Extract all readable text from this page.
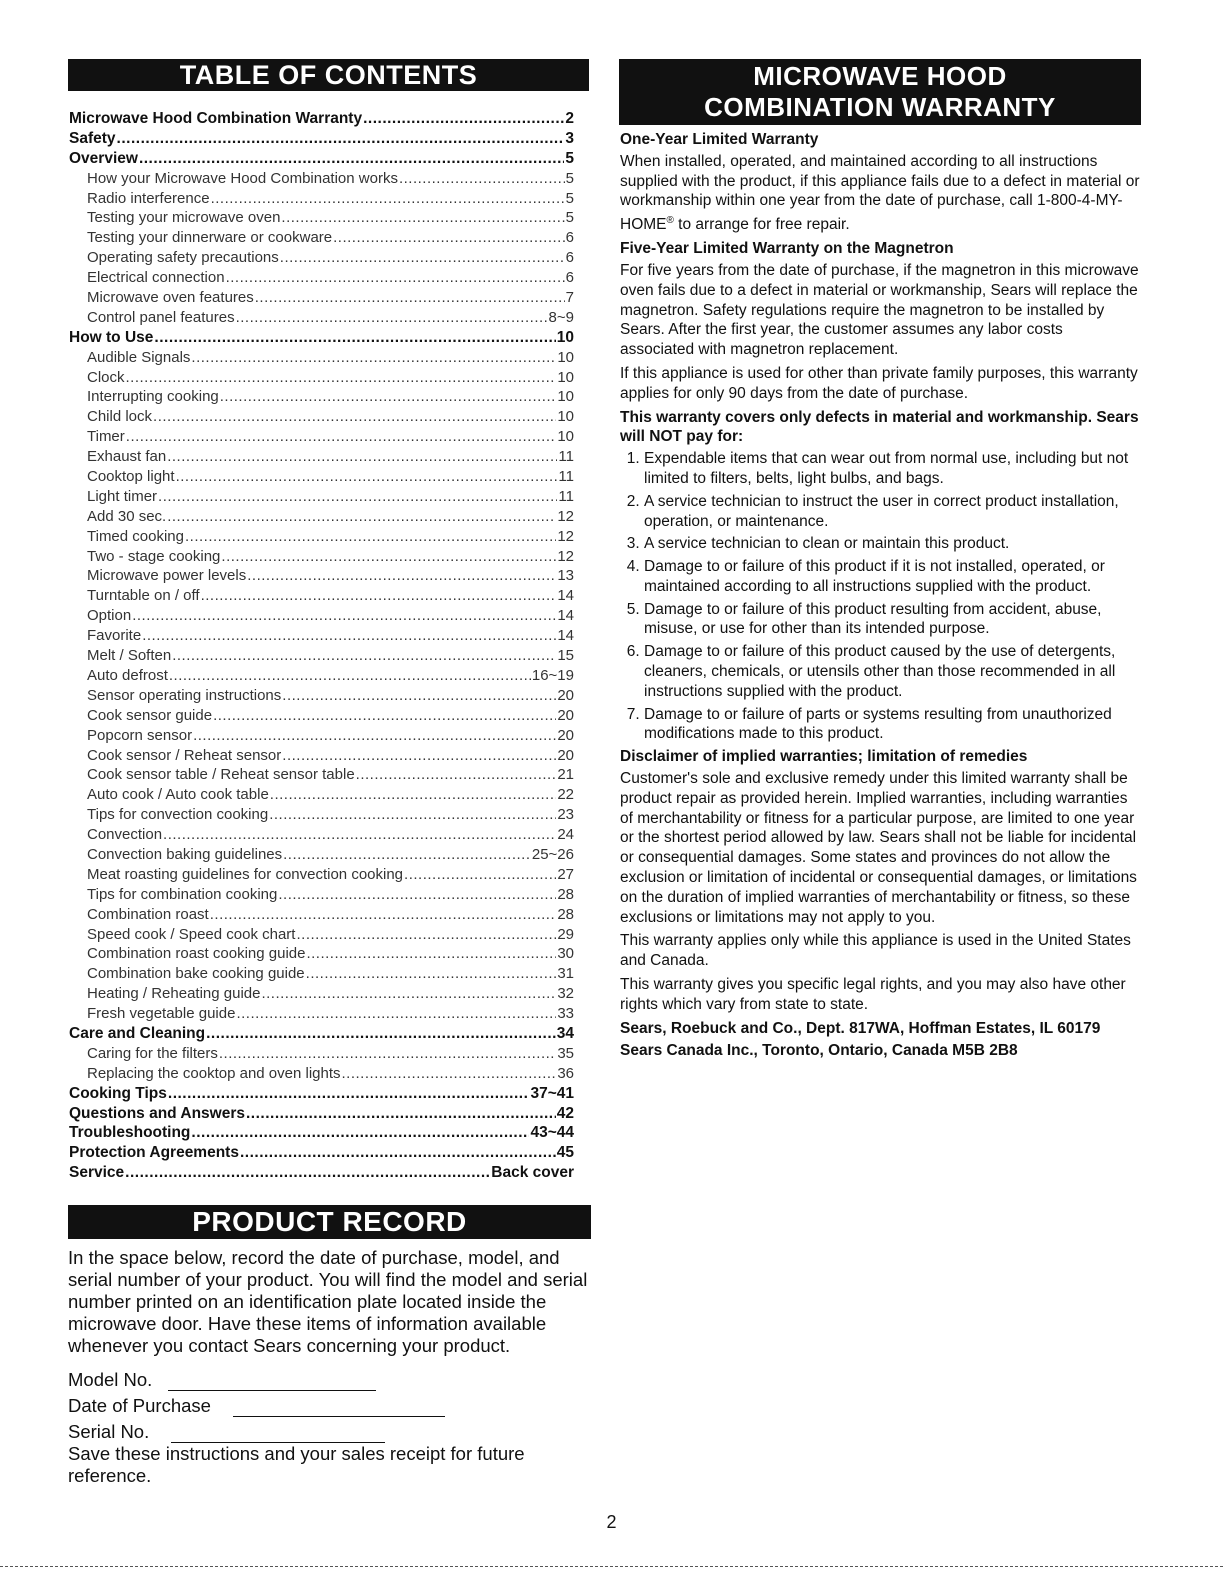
TABLE OF CONTENTS
Microwave Hood Combination Warranty .....	2
Safety .....	3
Overview .....	5
How your Microwave Hood Combination works .....	5
Radio interference .....	5
Testing your microwave oven .....	5
Testing your dinnerware or cookware .....	6
Operating safety precautions .....	6
Electrical connection .....	6
Microwave oven features .....	7
Control panel features .....	8~9
How to Use .....	10
Audible Signals .....	10
Clock .....	10
Interrupting cooking .....	10
Child lock .....	10
Timer .....	10
Exhaust fan .....	11
Cooktop light .....	11
Light timer .....	11
Add 30 sec. .....	12
Timed cooking .....	12
Two - stage cooking .....	12
Microwave power levels .....	13
Turntable on / off .....	14
Option .....	14
Favorite .....	14
Melt / Soften .....	15
Auto defrost .....	16~19
Sensor operating instructions .....	20
Cook sensor guide .....	20
Popcorn sensor .....	20
Cook sensor / Reheat sensor .....	20
Cook sensor table / Reheat sensor table .....	21
Auto cook / Auto cook table .....	22
Tips for convection cooking .....	23
Convection .....	24
Convection baking guidelines .....	25~26
Meat roasting guidelines for convection cooking .....	27
Tips for combination cooking .....	28
Combination roast .....	28
Speed cook / Speed cook chart .....	29
Combination roast cooking guide .....	30
Combination bake cooking guide .....	31
Heating / Reheating guide .....	32
Fresh vegetable guide .....	33
Care and Cleaning .....	34
Caring for the filters .....	35
Replacing the cooktop and oven lights .....	36
Cooking Tips .....	37~41
Questions and Answers .....	42
Troubleshooting .....	43~44
Protection Agreements .....	45
Service .....	Back cover
MICROWAVE HOOD
COMBINATION WARRANTY
One-Year Limited Warranty

When installed, operated, and maintained according to all instructions supplied with the product, if this appliance fails due to a defect in material or workmanship within one year from the date of purchase, call 1-800-4-MY-HOME® to arrange for free repair.

Five-Year Limited Warranty on the Magnetron

For five years from the date of purchase, if the magnetron in this microwave oven fails due to a defect in material or workmanship, Sears will replace the magnetron. Safety regulations require the magnetron to be installed by Sears. After the first year, the customer assumes any labor costs associated with magnetron replacement.

If this appliance is used for other than private family purposes, this warranty applies for only 90 days from the date of purchase.

This warranty covers only defects in material and workmanship. Sears will NOT pay for:
1. Expendable items that can wear out from normal use, including but not limited to filters, belts, light bulbs, and bags.
2. A service technician to instruct the user in correct product installation, operation, or maintenance.
3. A service technician to clean or maintain this product.
4. Damage to or failure of this product if it is not installed, operated, or maintained according to all instructions supplied with the product.
5. Damage to or failure of this product resulting from accident, abuse, misuse, or use for other than its intended purpose.
6. Damage to or failure of this product caused by the use of detergents, cleaners, chemicals, or utensils other than those recommended in all instructions supplied with the product.
7. Damage to or failure of parts or systems resulting from unauthorized modifications made to this product.
Disclaimer of implied warranties; limitation of remedies

Customer's sole and exclusive remedy under this limited warranty shall be product repair as provided herein. Implied warranties, including warranties of merchantability or fitness for a particular purpose, are limited to one year or the shortest period allowed by law. Sears shall not be liable for incidental or consequential damages. Some states and provinces do not allow the exclusion or limitation of incidental or consequential damages, or limitations on the duration of implied warranties of merchantability or fitness, so these exclusions or limitations may not apply to you.

This warranty applies only while this appliance is used in the United States and Canada.

This warranty gives you specific legal rights, and you may also have other rights which vary from state to state.

Sears, Roebuck and Co., Dept. 817WA, Hoffman Estates, IL 60179
Sears Canada Inc., Toronto, Ontario, Canada M5B 2B8
PRODUCT RECORD

In the space below, record the date of purchase, model, and serial number of your product. You will find the model and serial number printed on an identification plate located inside the microwave door. Have these items of information available whenever you contact Sears concerning your product.

Model No.
Date of Purchase
Serial No.

Save these instructions and your sales receipt for future reference.

2
